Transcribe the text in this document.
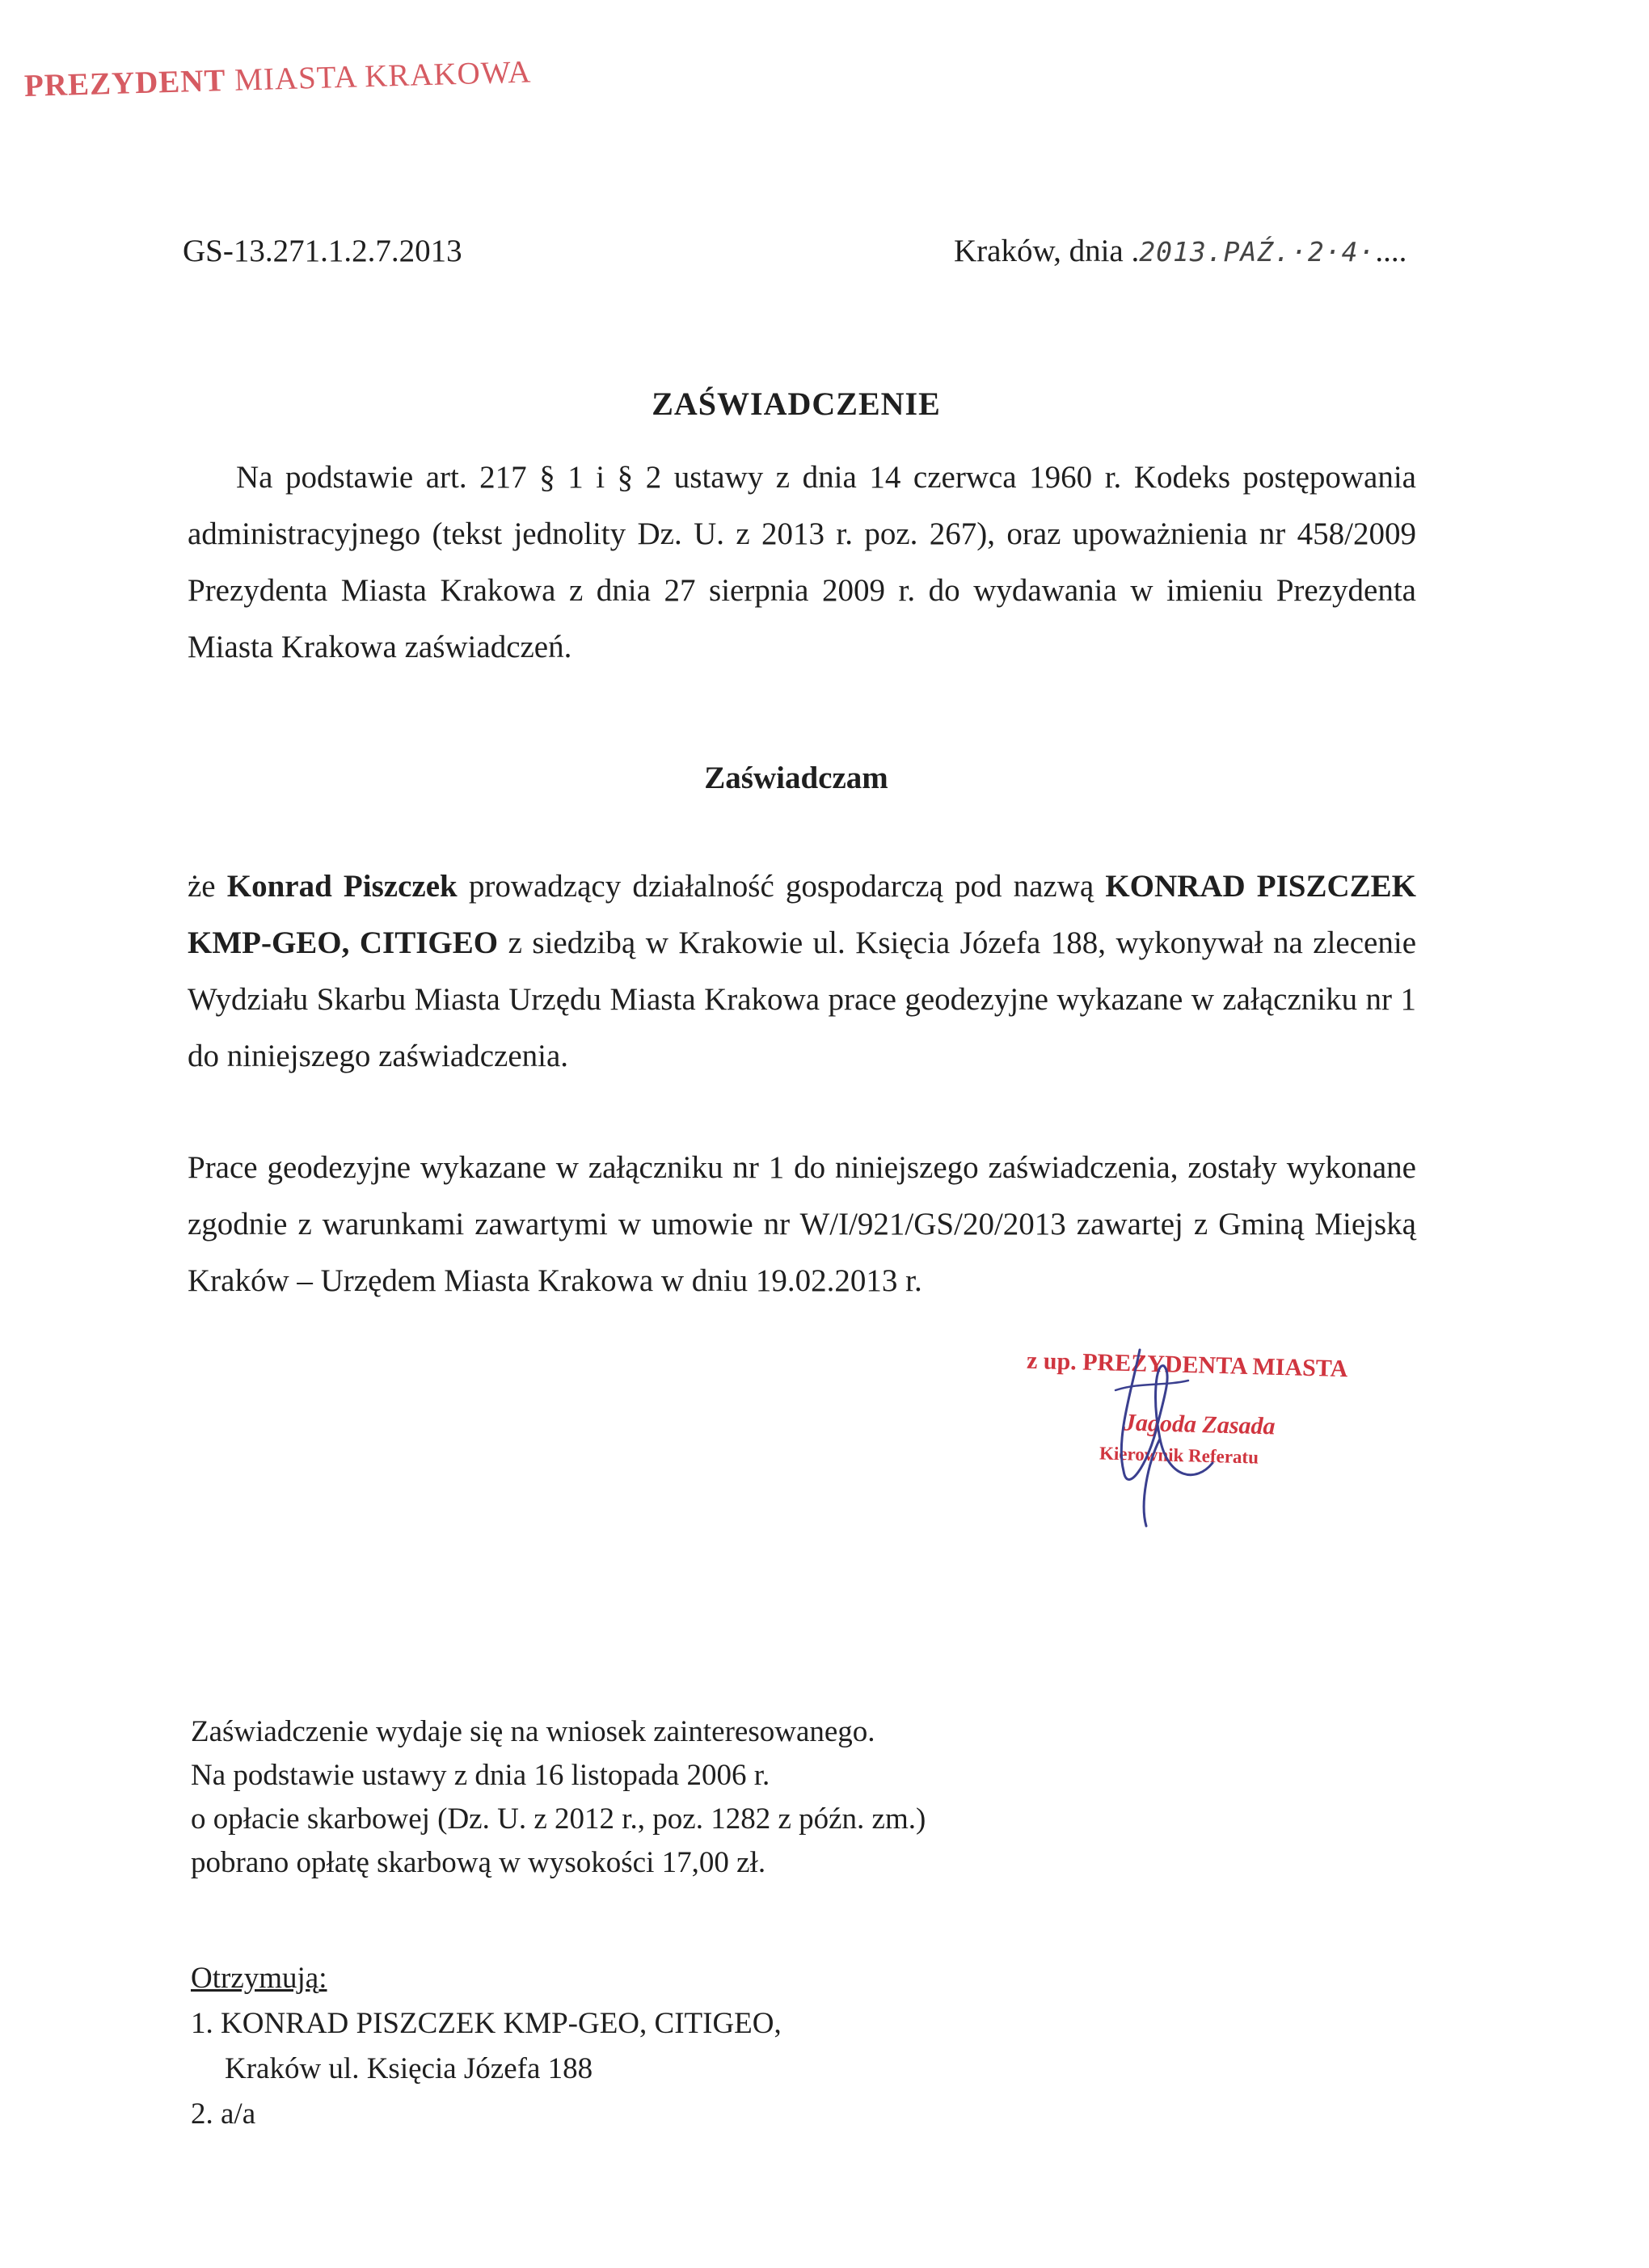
PREZYDENT MIASTA KRAKOWA
GS-13.271.1.2.7.2013	Kraków, dnia .2013.PAŹ.·2·4·....
ZAŚWIADCZENIE
Na podstawie art. 217 § 1 i § 2 ustawy z dnia 14 czerwca 1960 r. Kodeks postępowania administracyjnego (tekst jednolity Dz. U. z 2013 r. poz. 267), oraz upoważnienia nr 458/2009 Prezydenta Miasta Krakowa z dnia 27 sierpnia 2009 r. do wydawania w imieniu Prezydenta Miasta Krakowa zaświadczeń.
Zaświadczam
że Konrad Piszczek prowadzący działalność gospodarczą pod nazwą KONRAD PISZCZEK KMP-GEO, CITIGEO z siedzibą w Krakowie ul. Księcia Józefa 188, wykonywał na zlecenie Wydziału Skarbu Miasta Urzędu Miasta Krakowa prace geodezyjne wykazane w załączniku nr 1 do niniejszego zaświadczenia.
Prace geodezyjne wykazane w załączniku nr 1 do niniejszego zaświadczenia, zostały wykonane zgodnie z warunkami zawartymi w umowie nr W/I/921/GS/20/2013 zawartej z Gminą Miejską Kraków – Urzędem Miasta Krakowa w dniu 19.02.2013 r.
z up. PREZYDENTA MIASTA
Jagoda Zasada
Kierownik Referatu
Zaświadczenie wydaje się na wniosek zainteresowanego.
Na podstawie ustawy z dnia 16 listopada 2006 r.
o opłacie skarbowej (Dz. U. z 2012 r., poz. 1282 z późn. zm.)
pobrano opłatę skarbową w wysokości 17,00 zł.
Otrzymują:
1. KONRAD PISZCZEK KMP-GEO, CITIGEO,
Kraków ul. Księcia Józefa 188
2. a/a
